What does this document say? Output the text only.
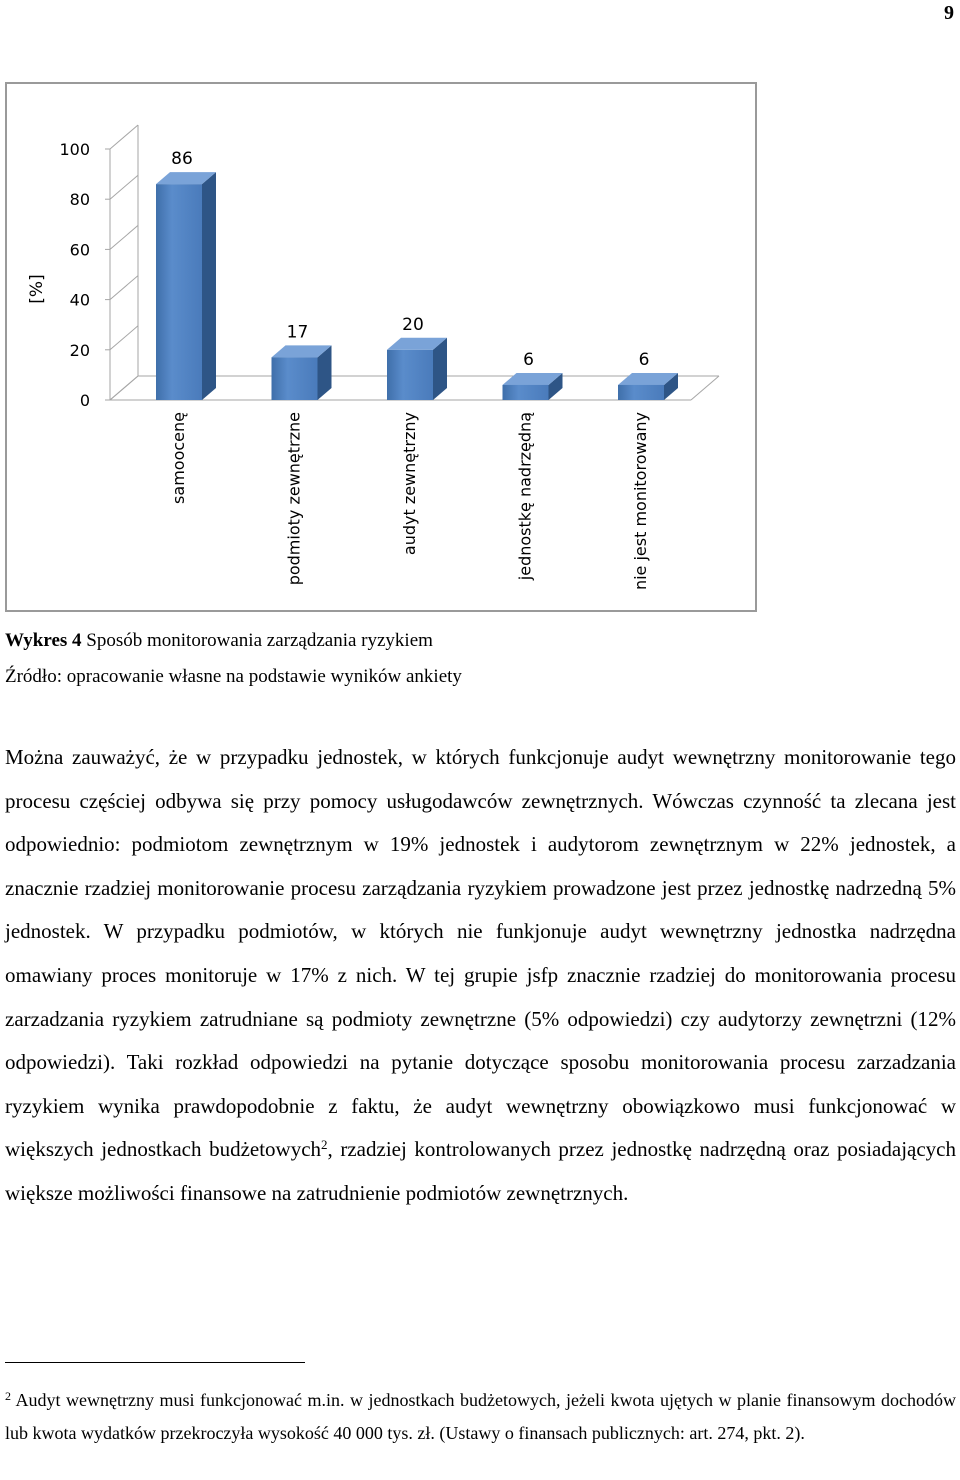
9
0
20
40
60
80
100
[%]
86
samoocenę
17
podmioty zewnętrzne
20
audyt zewnętrzny
6
jednostkę nadrzędną
6
nie jest monitorowany

Wykres 4 Sposób monitorowania zarządzania ryzykiem

Źródło: opracowanie własne na podstawie wyników ankiety

Można zauważyć, że w przypadku jednostek, w których funkcjonuje audyt wewnętrzny monitorowanie tego procesu częściej odbywa się przy pomocy usługodawców zewnętrznych. Wówczas czynność ta zlecana jest odpowiednio: podmiotom zewnętrznym w 19% jednostek i audytorom zewnętrznym w 22% jednostek, a znacznie rzadziej monitorowanie procesu zarządzania ryzykiem prowadzone jest przez jednostkę nadrzedną 5% jednostek. W przypadku podmiotów, w których nie funkjonuje audyt wewnętrzny jednostka nadrzędna omawiany proces monitoruje w 17% z nich. W tej grupie jsfp znacznie rzadziej do monitorowania procesu zarzadzania ryzykiem zatrudniane są podmioty zewnętrzne (5% odpowiedzi) czy audytorzy zewnętrzni (12% odpowiedzi). Taki rozkład odpowiedzi na pytanie dotyczące sposobu monitorowania procesu zarzadzania ryzykiem wynika prawdopodobnie z faktu, że audyt wewnętrzny obowiązkowo musi funkcjonować w większych jednostkach budżetowych$^2$, rzadziej kontrolowanych przez jednostkę nadrzędną oraz posiadających większe możliwości finansowe na zatrudnienie podmiotów zewnętrznych.

$^2$ Audyt wewnętrzny musi funkcjonować m.in. w jednostkach budżetowych, jeżeli kwota ujętych w planie finansowym dochodów lub kwota wydatków przekroczyła wysokość 40 000 tys. zł. (Ustawy o finansach publicznych: art. 274, pkt. 2).
